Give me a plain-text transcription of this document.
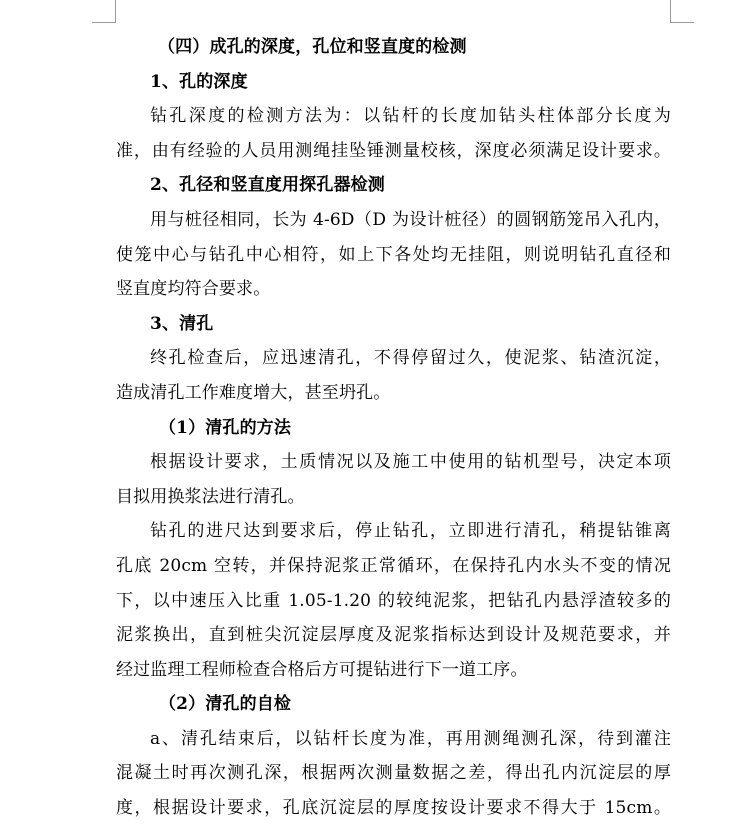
（四）成孔的深度，孔位和竖直度的检测
1、孔的深度
钻孔深度的检测方法为：以钻杆的长度加钻头柱体部分长度为
准，由有经验的人员用测绳挂坠锤测量校核，深度必须满足设计要求。
2、孔径和竖直度用探孔器检测
用与桩径相同，长为 4-6D（D 为设计桩径）的圆钢筋笼吊入孔内，
使笼中心与钻孔中心相符，如上下各处均无挂阻，则说明钻孔直径和
竖直度均符合要求。
3、清孔
终孔检查后，应迅速清孔，不得停留过久，使泥浆、钻渣沉淀，
造成清孔工作难度增大，甚至坍孔。
（1）清孔的方法
根据设计要求，土质情况以及施工中使用的钻机型号，决定本项
目拟用换浆法进行清孔。
钻孔的进尺达到要求后，停止钻孔，立即进行清孔，稍提钻锥离
孔底 20cm 空转，并保持泥浆正常循环，在保持孔内水头不变的情况
下，以中速压入比重 1.05-1.20 的较纯泥浆，把钻孔内悬浮渣较多的
泥浆换出，直到桩尖沉淀层厚度及泥浆指标达到设计及规范要求，并
经过监理工程师检查合格后方可提钻进行下一道工序。
（2）清孔的自检
a、清孔结束后，以钻杆长度为准，再用测绳测孔深，待到灌注
混凝土时再次测孔深，根据两次测量数据之差，得出孔内沉淀层的厚
度，根据设计要求，孔底沉淀层的厚度按设计要求不得大于 15cm。
